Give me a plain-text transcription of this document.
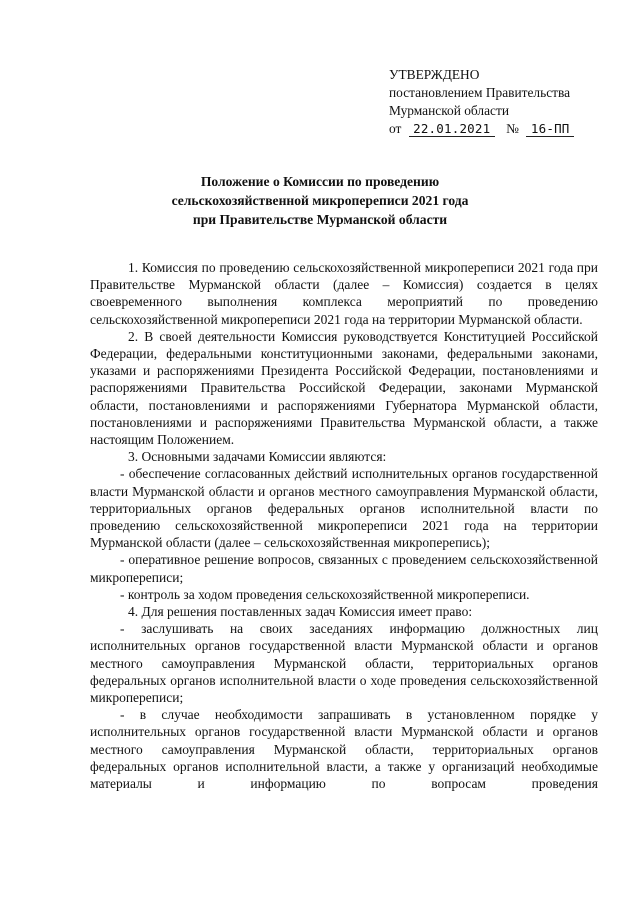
УТВЕРЖДЕНО
постановлением Правительства
Мурманской области
от 22.01.2021 № 16-ПП
Положение о Комиссии по проведению
сельскохозяйственной микропереписи 2021 года
при Правительстве Мурманской области

1. Комиссия по проведению сельскохозяйственной микропереписи 2021 года при Правительстве Мурманской области (далее – Комиссия) создается в целях своевременного выполнения комплекса мероприятий по проведению сельскохозяйственной микропереписи 2021 года на территории Мурманской области.

2. В своей деятельности Комиссия руководствуется Конституцией Российской Федерации, федеральными конституционными законами, федеральными законами, указами и распоряжениями Президента Российской Федерации, постановлениями и распоряжениями Правительства Российской Федерации, законами Мурманской области, постановлениями и распоряжениями Губернатора Мурманской области, постановлениями и распоряжениями Правительства Мурманской области, а также настоящим Положением.

3. Основными задачами Комиссии являются:

- обеспечение согласованных действий исполнительных органов государственной власти Мурманской области и органов местного самоуправления Мурманской области, территориальных органов федеральных органов исполнительной власти по проведению сельскохозяйственной микропереписи 2021 года на территории Мурманской области (далее – сельскохозяйственная микроперепись);

- оперативное решение вопросов, связанных с проведением сельскохозяйственной микропереписи;

- контроль за ходом проведения сельскохозяйственной микропереписи.

4. Для решения поставленных задач Комиссия имеет право:

- заслушивать на своих заседаниях информацию должностных лиц исполнительных органов государственной власти Мурманской области и органов местного самоуправления Мурманской области, территориальных органов федеральных органов исполнительной власти о ходе проведения сельскохозяйственной микропереписи;

- в случае необходимости запрашивать в установленном порядке у исполнительных органов государственной власти Мурманской области и органов местного самоуправления Мурманской области, территориальных органов федеральных органов исполнительной власти, а также у организаций необходимые материалы и информацию по вопросам проведения
